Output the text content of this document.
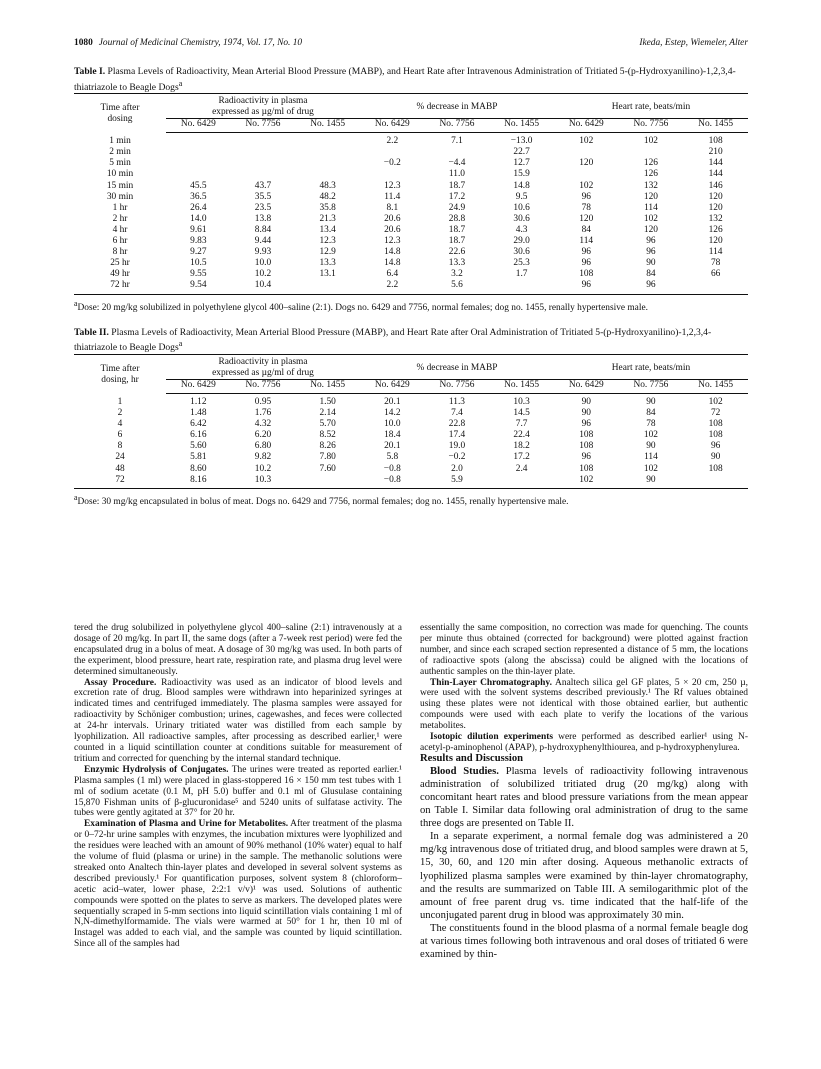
1080 Journal of Medicinal Chemistry, 1974, Vol. 17, No. 10	Ikeda, Estep, Wiemeler, Alter
Table I. Plasma Levels of Radioactivity, Mean Arterial Blood Pressure (MABP), and Heart Rate after Intravenous Administration of Tritiated 5-(p-Hydroxyanilino)-1,2,3,4-thiatriazole to Beagle Dogs$^a$
Time after
dosing	Radioactivity in plasma
expressed as µg/ml of drug			% decrease in MABP			Heart rate, beats/min		
	No. 6429	No. 7756	No. 1455	No. 6429	No. 7756	No. 1455	No. 6429	No. 7756	No. 1455
1 min				2.2	7.1	−13.0	102	102	108
2 min						22.7			210
5 min				−0.2	−4.4	12.7	120	126	144
10 min					11.0	15.9		126	144
15 min	45.5	43.7	48.3	12.3	18.7	14.8	102	132	146
30 min	36.5	35.5	48.2	11.4	17.2	9.5	96	120	120
1 hr	26.4	23.5	35.8	8.1	24.9	10.6	78	114	120
2 hr	14.0	13.8	21.3	20.6	28.8	30.6	120	102	132
4 hr	9.61	8.84	13.4	20.6	18.7	4.3	84	120	126
6 hr	9.83	9.44	12.3	12.3	18.7	29.0	114	96	120
8 hr	9.27	9.93	12.9	14.8	22.6	30.6	96	96	114
25 hr	10.5	10.0	13.3	14.8	13.3	25.3	96	90	78
49 hr	9.55	10.2	13.1	6.4	3.2	1.7	108	84	66
72 hr	9.54	10.4		2.2	5.6		96	96	
$^a$Dose: 20 mg/kg solubilized in polyethylene glycol 400–saline (2:1). Dogs no. 6429 and 7756, normal females; dog no. 1455, renally hypertensive male.
Table II. Plasma Levels of Radioactivity, Mean Arterial Blood Pressure (MABP), and Heart Rate after Oral Administration of Tritiated 5-(p-Hydroxyanilino)-1,2,3,4-thiatriazole to Beagle Dogs$^a$
Time after
dosing, hr	Radioactivity in plasma
expressed as µg/ml of drug			% decrease in MABP			Heart rate, beats/min		
	No. 6429	No. 7756	No. 1455	No. 6429	No. 7756	No. 1455	No. 6429	No. 7756	No. 1455
1	1.12	0.95	1.50	20.1	11.3	10.3	90	90	102
2	1.48	1.76	2.14	14.2	7.4	14.5	90	84	72
4	6.42	4.32	5.70	10.0	22.8	7.7	96	78	108
6	6.16	6.20	8.52	18.4	17.4	22.4	108	102	108
8	5.60	6.80	8.26	20.1	19.0	18.2	108	90	96
24	5.81	9.82	7.80	5.8	−0.2	17.2	96	114	90
48	8.60	10.2	7.60	−0.8	2.0	2.4	108	102	108
72	8.16	10.3		−0.8	5.9		102	90	
$^a$Dose: 30 mg/kg encapsulated in bolus of meat. Dogs no. 6429 and 7756, normal females; dog no. 1455, renally hypertensive male.

tered the drug solubilized in polyethylene glycol 400–saline (2:1) intravenously at a dosage of 20 mg/kg. In part II, the same dogs (after a 7-week rest period) were fed the encapsulated drug in a bolus of meat. A dosage of 30 mg/kg was used. In both parts of the experiment, blood pressure, heart rate, respiration rate, and plasma drug level were determined simultaneously.

Assay Procedure. Radioactivity was used as an indicator of blood levels and excretion rate of drug. Blood samples were withdrawn into heparinized syringes at indicated times and centrifuged immediately. The plasma samples were assayed for radioactivity by Schöniger combustion; urines, cagewashes, and feces were collected at 24-hr intervals. Urinary tritiated water was distilled from each sample by lyophilization. All radioactive samples, after processing as described earlier,¹ were counted in a liquid scintillation counter at conditions suitable for measurement of tritium and corrected for quenching by the internal standard technique.

Enzymic Hydrolysis of Conjugates. The urines were treated as reported earlier.¹ Plasma samples (1 ml) were placed in glass-stoppered 16 × 150 mm test tubes with 1 ml of sodium acetate (0.1 M, pH 5.0) buffer and 0.1 ml of Glusulase containing 15,870 Fishman units of β-glucuronidase⁵ and 5240 units of sulfatase activity. The tubes were gently agitated at 37° for 20 hr.

Examination of Plasma and Urine for Metabolites. After treatment of the plasma or 0–72-hr urine samples with enzymes, the incubation mixtures were lyophilized and the residues were leached with an amount of 90% methanol (10% water) equal to half the volume of fluid (plasma or urine) in the sample. The methanolic solutions were streaked onto Analtech thin-layer plates and developed in several solvent systems as described previously.¹ For quantification purposes, solvent system 8 (chloroform–acetic acid–water, lower phase, 2:2:1 v/v)¹ was used. Solutions of authentic compounds were spotted on the plates to serve as markers. The developed plates were sequentially scraped in 5-mm sections into liquid scintillation vials containing 1 ml of N,N-dimethylformamide. The vials were warmed at 50° for 1 hr, then 10 ml of Instagel was added to each vial, and the sample was counted by liquid scintillation. Since all of the samples had

essentially the same composition, no correction was made for quenching. The counts per minute thus obtained (corrected for background) were plotted against fraction number, and since each scraped section represented a distance of 5 mm, the locations of radioactive spots (along the abscissa) could be aligned with the locations of authentic samples on the thin-layer plate.

Thin-Layer Chromatography. Analtech silica gel GF plates, 5 × 20 cm, 250 µ, were used with the solvent systems described previously.¹ The Rf values obtained using these plates were not identical with those obtained earlier, but authentic compounds were used with each plate to verify the locations of the various metabolites.

Isotopic dilution experiments were performed as described earlier¹ using N-acetyl-p-aminophenol (APAP), p-hydroxyphenylthiourea, and p-hydroxyphenylurea.

Results and Discussion

Blood Studies. Plasma levels of radioactivity following intravenous administration of solubilized tritiated drug (20 mg/kg) along with concomitant heart rates and blood pressure variations from the mean appear on Table I. Similar data following oral administration of drug to the same three dogs are presented on Table II.

In a separate experiment, a normal female dog was administered a 20 mg/kg intravenous dose of tritiated drug, and blood samples were drawn at 5, 15, 30, 60, and 120 min after dosing. Aqueous methanolic extracts of lyophilized plasma samples were examined by thin-layer chromatography, and the results are summarized on Table III. A semilogarithmic plot of the amount of free parent drug vs. time indicated that the half-life of the unconjugated parent drug in blood was approximately 30 min.

The constituents found in the blood plasma of a normal female beagle dog at various times following both intravenous and oral doses of tritiated 6 were examined by thin-
